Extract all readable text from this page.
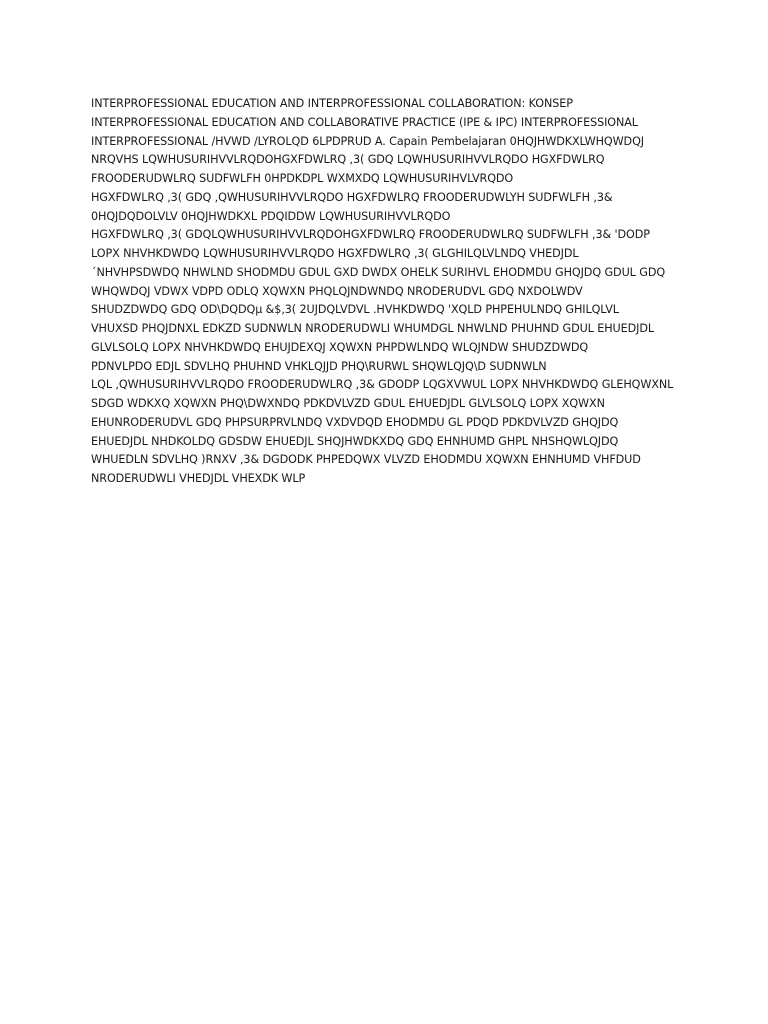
INTERPROFESSIONAL EDUCATION AND INTERPROFESSIONAL COLLABORATION: KONSEP
INTERPROFESSIONAL EDUCATION AND COLLABORATIVE PRACTICE (IPE & IPC) INTERPROFESSIONAL
INTERPROFESSIONAL /HVWD /LYROLQD 6LPDPRUD A. Capain Pembelajaran 0HQJHWDKXLWHQWDQJ
NRQVHS LQWHUSURIHVVLRQDOHGXFDWLRQ ,3( GDQ LQWHUSURIHVVLRQDO HGXFDWLRQ
FROODERUDWLRQ SUDFWLFH 0HPDKDPL WXMXDQ LQWHUSURIHVLVRQDO
HGXFDWLRQ ,3( GDQ ,QWHUSURIHVVLRQDO HGXFDWLRQ FROODERUDWLYH SUDFWLFH ,3&
0HQJDQDOLVLV 0HQJHWDKXL PDQIDDW LQWHUSURIHVVLRQDO
HGXFDWLRQ ,3( GDQLQWHUSURIHVVLRQDOHGXFDWLRQ FROODERUDWLRQ SUDFWLFH ,3& 'DODP
LOPX NHVHKDWDQ LQWHUSURIHVVLRQDO HGXFDWLRQ ,3( GLGHILQLVLNDQ VHEDJDL
´NHVHPSDWDQ NHWLND SHODMDU GDUL GXD DWDX OHELK SURIHVL EHODMDU GHQJDQ GDUL GDQ
WHQWDQJ VDWX VDPD ODLQ XQWXN PHQLQJNDWNDQ NRODERUDVL GDQ NXDOLWDV
SHUDZDWDQ GDQ OD\DQDQµ &$,3( 2UJDQLVDVL .HVHKDWDQ 'XQLD PHPEHULNDQ GHILQLVL
VHUXSD PHQJDNXL EDKZD SUDNWLN NRODERUDWLI WHUMDGL NHWLND PHUHND GDUL EHUEDJDL
GLVLSOLQ LOPX NHVHKDWDQ EHUJDEXQJ XQWXN PHPDWLNDQ WLQJNDW SHUDZDWDQ
PDNVLPDO EDJL SDVLHQ PHUHND VHKLQJJD PHQ\RURWL SHQWLQJQ\D SUDNWLN
LQL ,QWHUSURIHVVLRQDO FROODERUDWLRQ ,3& GDODP LQGXVWUL LOPX NHVHKDWDQ GLEHQWXNL
SDGD WDKXQ XQWXN PHQ\DWXNDQ PDKDVLVZD GDUL EHUEDJDL GLVLSOLQ LOPX XQWXN
EHUNRODERUDVL GDQ PHPSURPRVLNDQ VXDVDQD EHODMDU GL PDQD PDKDVLVZD GHQJDQ
EHUEDJDL NHDKOLDQ GDSDW EHUEDJL SHQJHWDKXDQ GDQ EHNHUMD GHPL NHSHQWLQJDQ
WHUEDLN SDVLHQ )RNXV ,3& DGDODK PHPEDQWX VLVZD EHODMDU XQWXN EHNHUMD VHFDUD
NRODERUDWLI VHEDJDL VHEXDK WLP
